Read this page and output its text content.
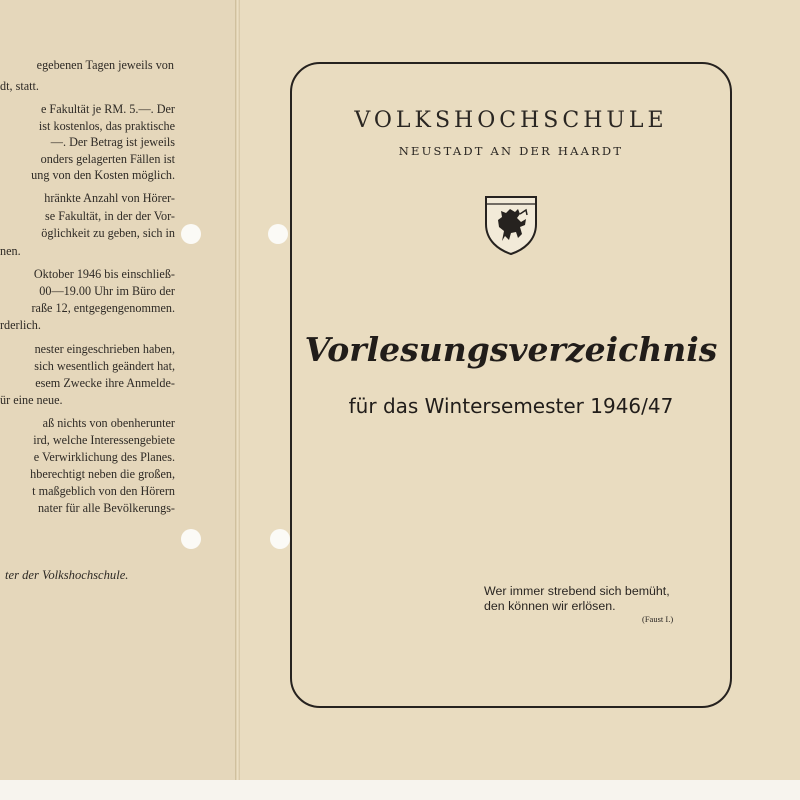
egebenen Tagen jeweils von
dt, statt.
e Fakultät je RM. 5.—. Der
ist kostenlos, das praktische
—. Der Betrag ist jeweils
onders gelagerten Fällen ist
ung von den Kosten möglich.
hränkte Anzahl von Hörer-
se Fakultät, in der der Vor-
öglichkeit zu geben, sich in
nen.
Oktober 1946 bis einschließ-
00—19.00 Uhr im Büro der
raße 12, entgegengenommen.
rderlich.
nester eingeschrieben haben,
sich wesentlich geändert hat,
esem Zwecke ihre Anmelde-
ür eine neue.
aß nichts von obenherunter
ird, welche Interessengebiete
e Verwirklichung des Planes.
hberechtigt neben die großen,
t maßgeblich von den Hörern
nater für alle Bevölkerungs-
ter der Volkshochschule.
VOLKSHOCHSCHULE
NEUSTADT AN DER HAARDT
Vorlesungsverzeichnis
für das Wintersemester 1946/47
Wer immer strebend sich bemüht,
den können wir erlösen.
(Faust I.)
